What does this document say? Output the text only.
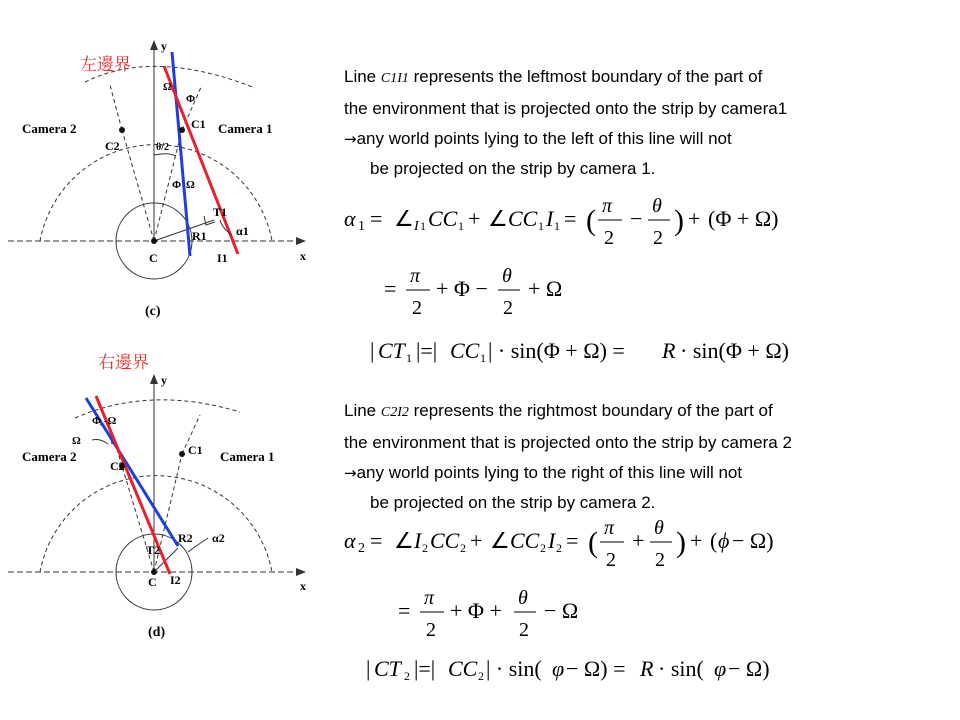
左邊界
右邊界
y
x
Camera 2	Camera 1
C2
C1
C
T1
R1
I1
α1
Ω
Φ
θ/2
Φ Ω
(c)
y
x
Camera 2	Camera 1
C2
C1
C
T2
R2
I2
α2
Φ -Ω
Ω
(d)
Line C1I1 represents the leftmost boundary of the part of
the environment that is projected onto the strip by camera1
→any world points lying to the left of this line will not
be projected on the strip by camera 1.
α 1 = ∠ I 1 CC 1 + ∠ CC 1 I 1 = ( π
2
− θ
2
) + (Φ + Ω)
= π
2
+ Φ − θ
2
+ Ω
| CT 1 |=| CC 1 | · sin(Φ + Ω) = R · sin(Φ + Ω)
Line C2I2 represents the rightmost boundary of the part of
the environment that is projected onto the strip by camera 2
→any world points lying to the right of this line will not
be projected on the strip by camera 2.
α 2 = ∠ I 2 CC 2 + ∠ CC 2 I 2 = ( π
2
+ θ
2
) + ( ϕ − Ω)
= π
2
+ Φ + θ
2
− Ω
| CT 2 |=| CC 2 | · sin( φ − Ω) = R · sin( φ − Ω)
